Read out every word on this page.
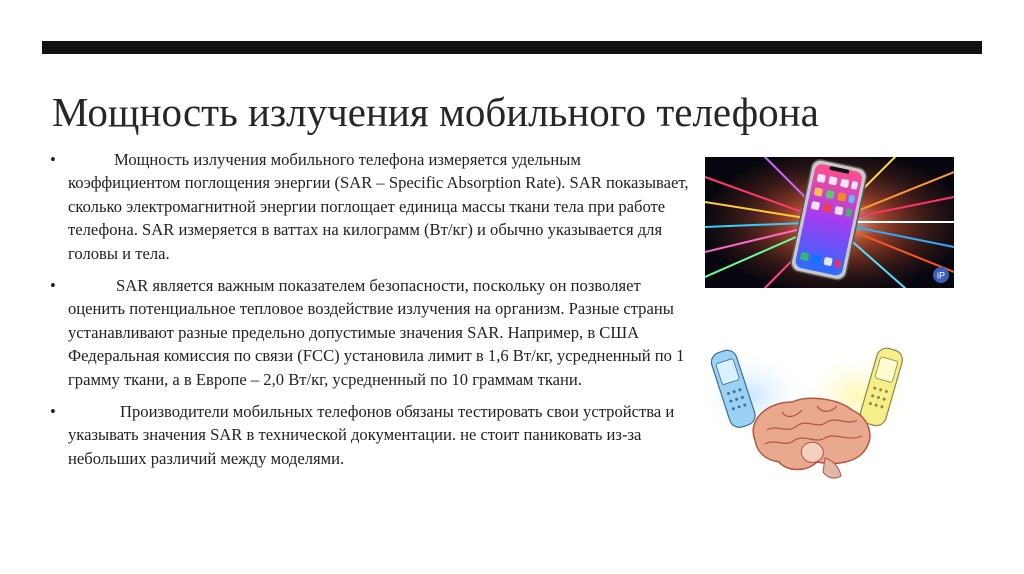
Мощность излучения мобильного телефона
•	Мощность излучения мобильного телефона измеряется удельным коэффициентом поглощения энергии (SAR – Specific Absorption Rate). SAR показывает, сколько электромагнитной энергии поглощает единица массы ткани тела при работе телефона. SAR измеряется в ваттах на килограмм (Вт/кг) и обычно указывается для головы и тела.

•	SAR является важным показателем безопасности, поскольку он позволяет оценить потенциальное тепловое воздействие излучения на организм. Разные страны устанавливают разные предельно допустимые значения SAR. Например, в США Федеральная комиссия по связи (FCC) установила лимит в 1,6 Вт/кг, усредненный по 1 грамму ткани, а в Европе – 2,0 Вт/кг, усредненный по 10 граммам ткани.

•	Производители мобильных телефонов обязаны тестировать свои устройства и указывать значения SAR в технической документации. не стоит паниковать из-за небольших различий между моделями.

iP
